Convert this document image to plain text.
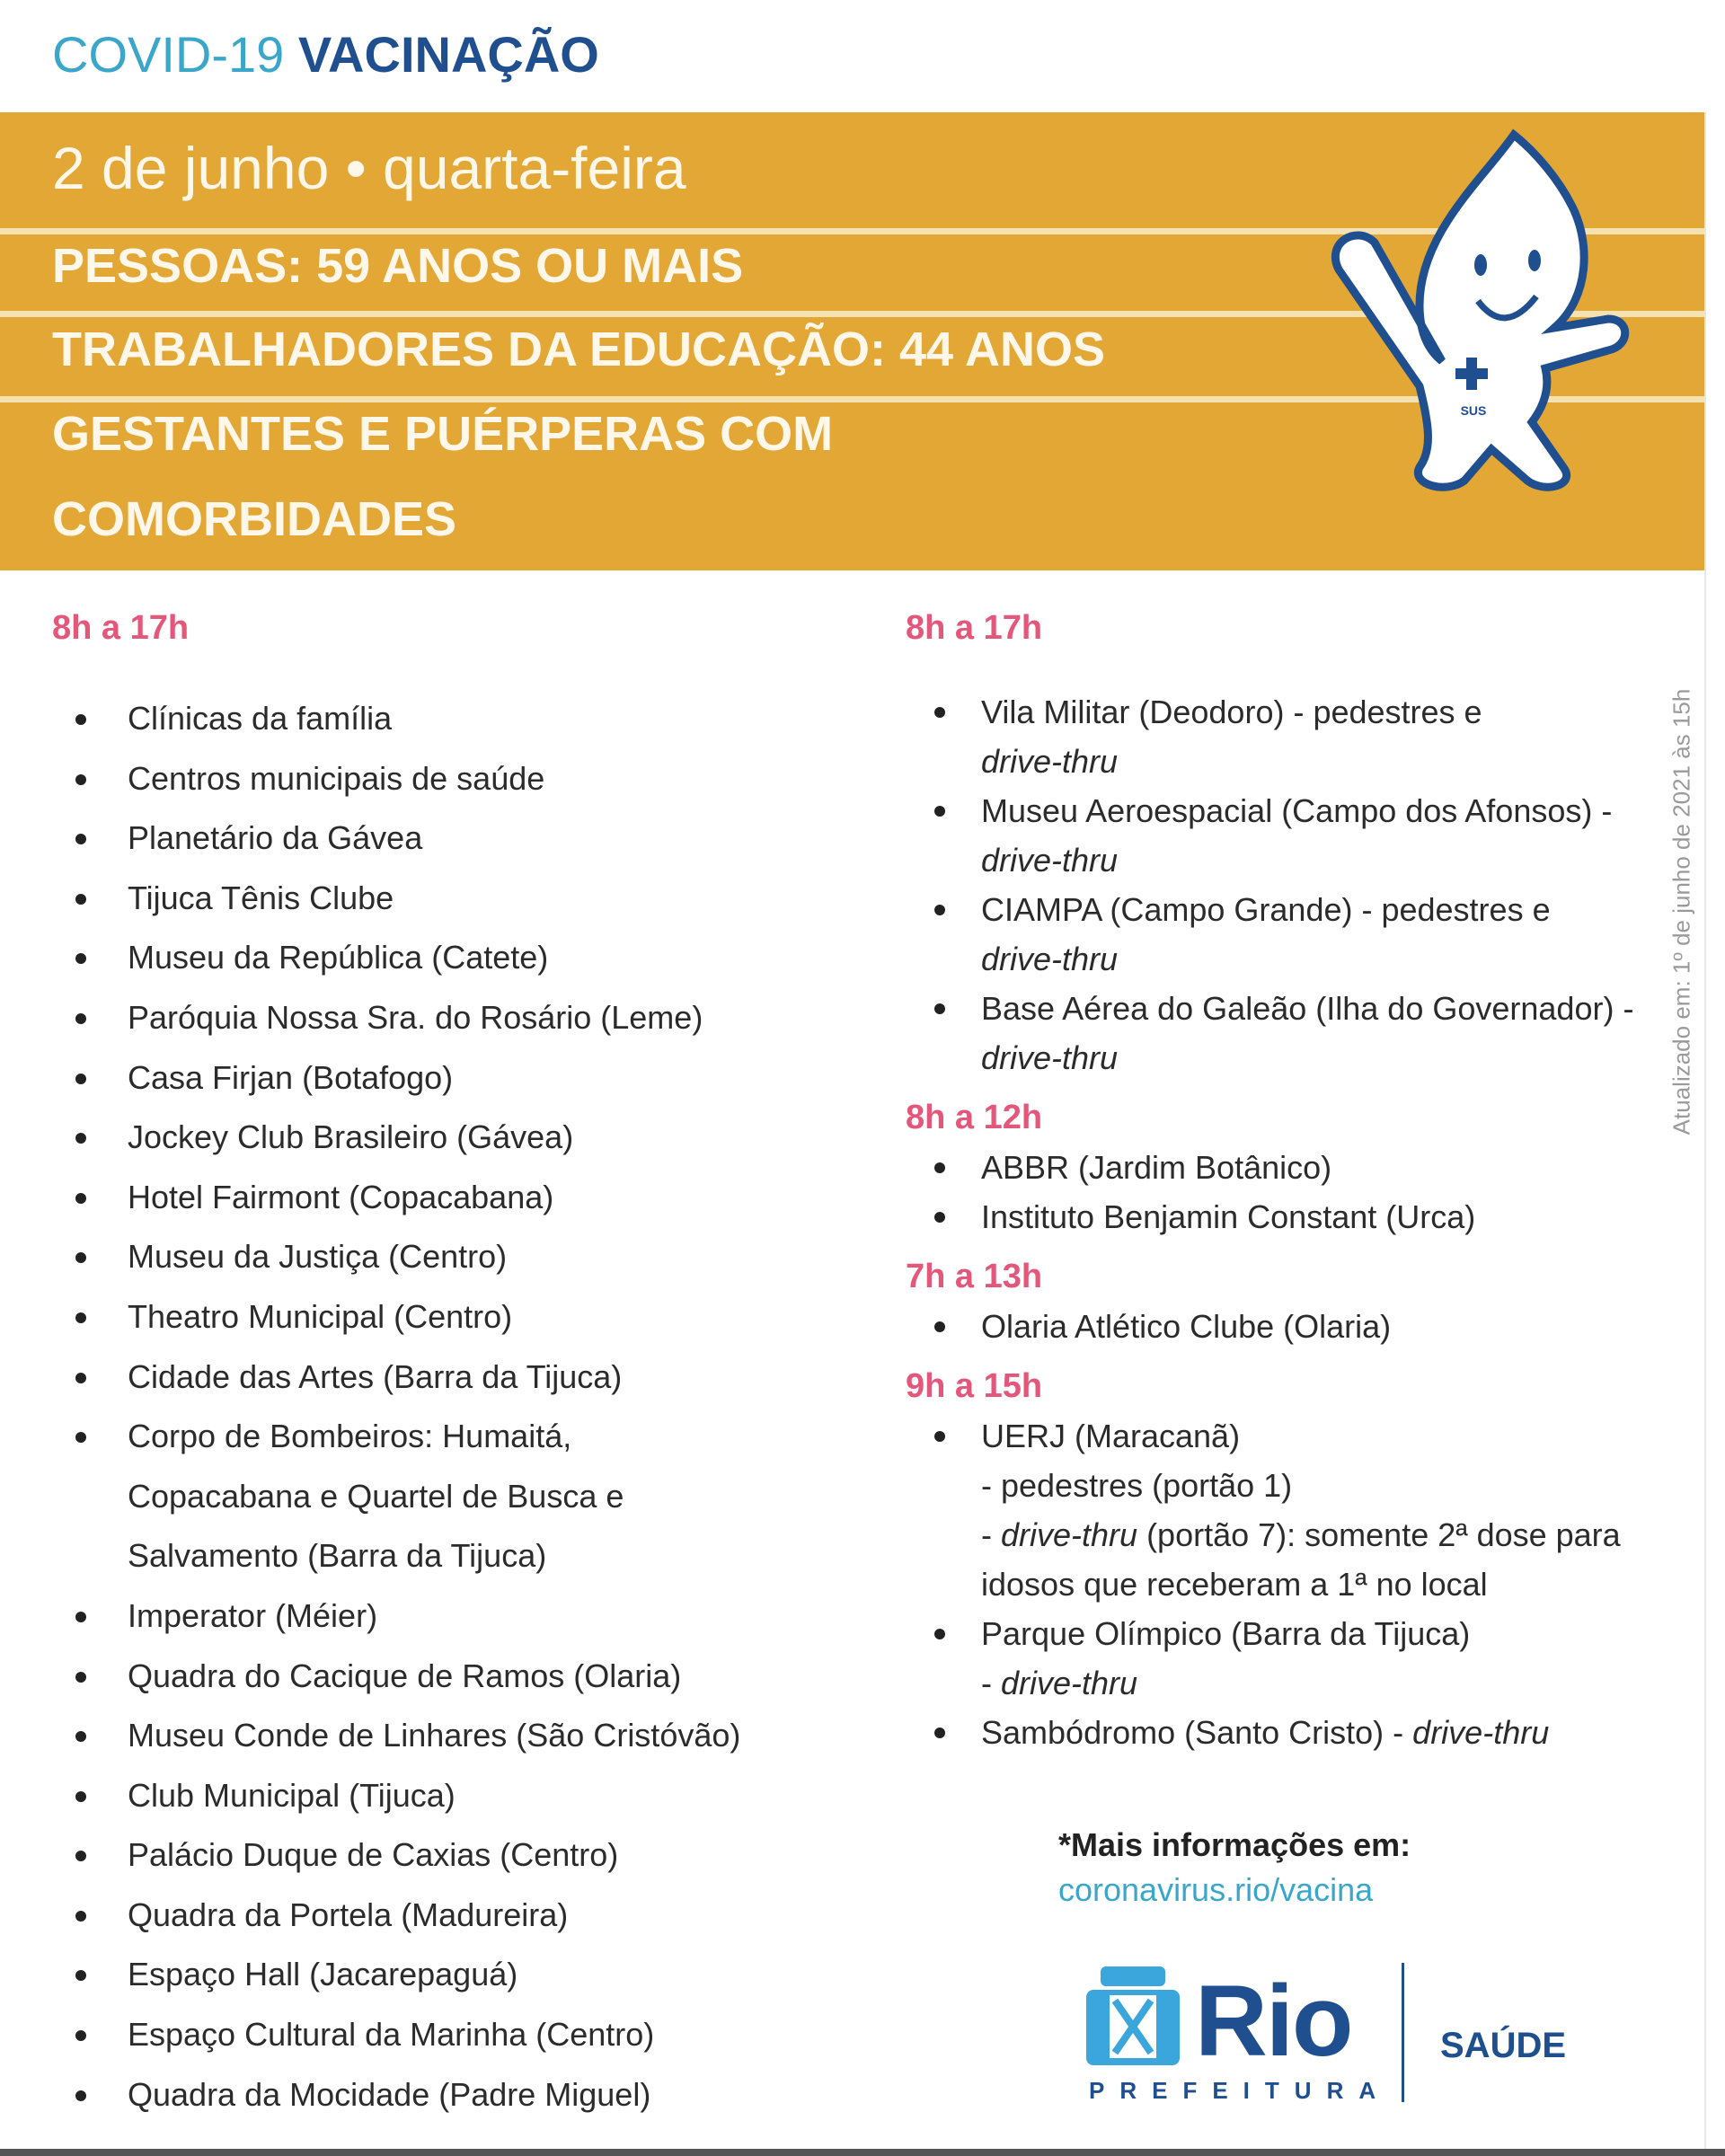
COVID-19 VACINAÇÃO
2 de junho • quarta-feira
PESSOAS: 59 ANOS OU MAIS
TRABALHADORES DA EDUCAÇÃO: 44 ANOS
GESTANTES E PUÉRPERAS COM
COMORBIDADES
SUS
8h a 17h
Clínicas da família
Centros municipais de saúde
Planetário da Gávea
Tijuca Tênis Clube
Museu da República (Catete)
Paróquia Nossa Sra. do Rosário (Leme)
Casa Firjan (Botafogo)
Jockey Club Brasileiro (Gávea)
Hotel Fairmont (Copacabana)
Museu da Justiça (Centro)
Theatro Municipal (Centro)
Cidade das Artes (Barra da Tijuca)
Corpo de Bombeiros: Humaitá, Copacabana e Quartel de Busca e Salvamento (Barra da Tijuca)
Imperator (Méier)
Quadra do Cacique de Ramos (Olaria)
Museu Conde de Linhares (São Cristóvão)
Club Municipal (Tijuca)
Palácio Duque de Caxias (Centro)
Quadra da Portela (Madureira)
Espaço Hall (Jacarepaguá)
Espaço Cultural da Marinha (Centro)
Quadra da Mocidade (Padre Miguel)
8h a 17h
Vila Militar (Deodoro) - pedestres e
drive-thru
Museu Aeroespacial (Campo dos Afonsos) - drive-thru
CIAMPA (Campo Grande) - pedestres e
drive-thru
Base Aérea do Galeão (Ilha do Governador) - drive-thru
8h a 12h
ABBR (Jardim Botânico)
Instituto Benjamin Constant (Urca)
7h a 13h
Olaria Atlético Clube (Olaria)
9h a 15h
UERJ (Maracanã)
- pedestres (portão 1)
- drive-thru (portão 7): somente 2ª dose para idosos que receberam a 1ª no local
Parque Olímpico (Barra da Tijuca)
- drive-thru
Sambódromo (Santo Cristo) - drive-thru
Atualizado em: 1º de junho de 2021 às 15h
*Mais informações em:
coronavirus.rio/vacina
Rio
PREFEITURA
SAÚDE
